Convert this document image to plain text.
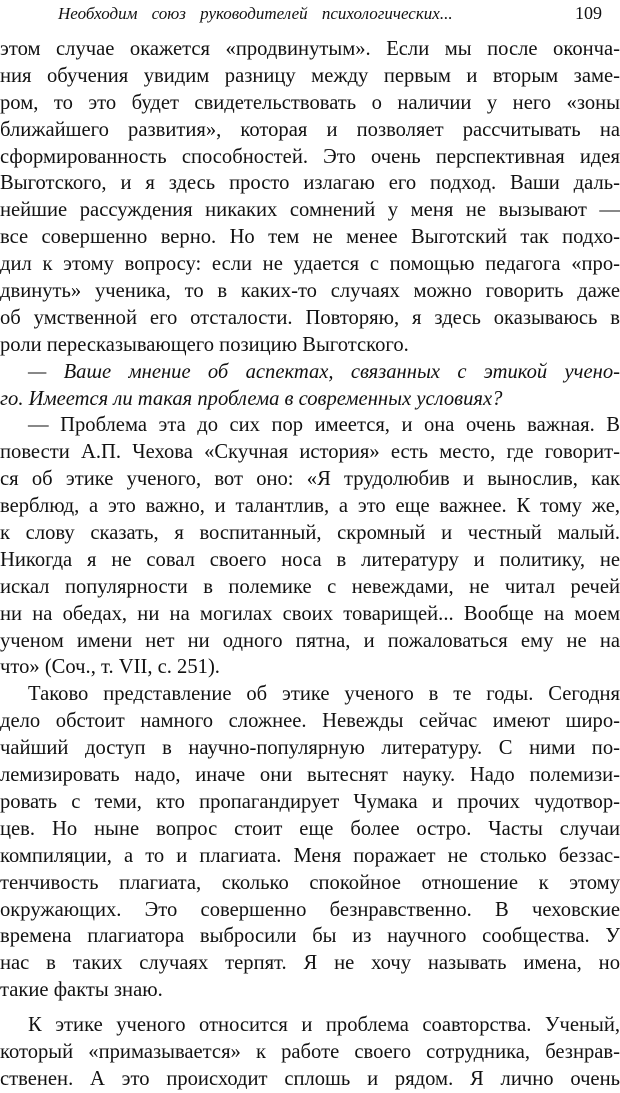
Необходим союз руководителей психологических...	109
этом случае окажется «продвинутым». Если мы после оконча-
ния обучения увидим разницу между первым и вторым заме-
ром, то это будет свидетельствовать о наличии у него «зоны
ближайшего развития», которая и позволяет рассчитывать на
сформированность способностей. Это очень перспективная идея
Выготского, и я здесь просто излагаю его подход. Ваши даль-
нейшие рассуждения никаких сомнений у меня не вызывают —
все совершенно верно. Но тем не менее Выготский так подхо-
дил к этому вопросу: если не удается с помощью педагога «про-
двинуть» ученика, то в каких-то случаях можно говорить даже
об умственной его отсталости. Повторяю, я здесь оказываюсь в
роли пересказывающего позицию Выготского.
— Ваше мнение об аспектах, связанных с этикой учено-
го. Имеется ли такая проблема в современных условиях?
— Проблема эта до сих пор имеется, и она очень важная. В
повести А.П. Чехова «Скучная история» есть место, где говорит-
ся об этике ученого, вот оно: «Я трудолюбив и вынослив, как
верблюд, а это важно, и талантлив, а это еще важнее. К тому же,
к слову сказать, я воспитанный, скромный и честный малый.
Никогда я не совал своего носа в литературу и политику, не
искал популярности в полемике с невеждами, не читал речей
ни на обедах, ни на могилах своих товарищей... Вообще на моем
ученом имени нет ни одного пятна, и пожаловаться ему не на
что» (Соч., т. VII, с. 251).
Таково представление об этике ученого в те годы. Сегодня
дело обстоит намного сложнее. Невежды сейчас имеют широ-
чайший доступ в научно-популярную литературу. С ними по-
лемизировать надо, иначе они вытеснят науку. Надо полемизи-
ровать с теми, кто пропагандирует Чумака и прочих чудотвор-
цев. Но ныне вопрос стоит еще более остро. Часты случаи
компиляции, а то и плагиата. Меня поражает не столько беззас-
тенчивость плагиата, сколько спокойное отношение к этому
окружающих. Это совершенно безнравственно. В чеховские
времена плагиатора выбросили бы из научного сообщества. У
нас в таких случаях терпят. Я не хочу называть имена, но
такие факты знаю.
К этике ученого относится и проблема соавторства. Ученый,
который «примазывается» к работе своего сотрудника, безнрав-
ственен. А это происходит сплошь и рядом. Я лично очень
